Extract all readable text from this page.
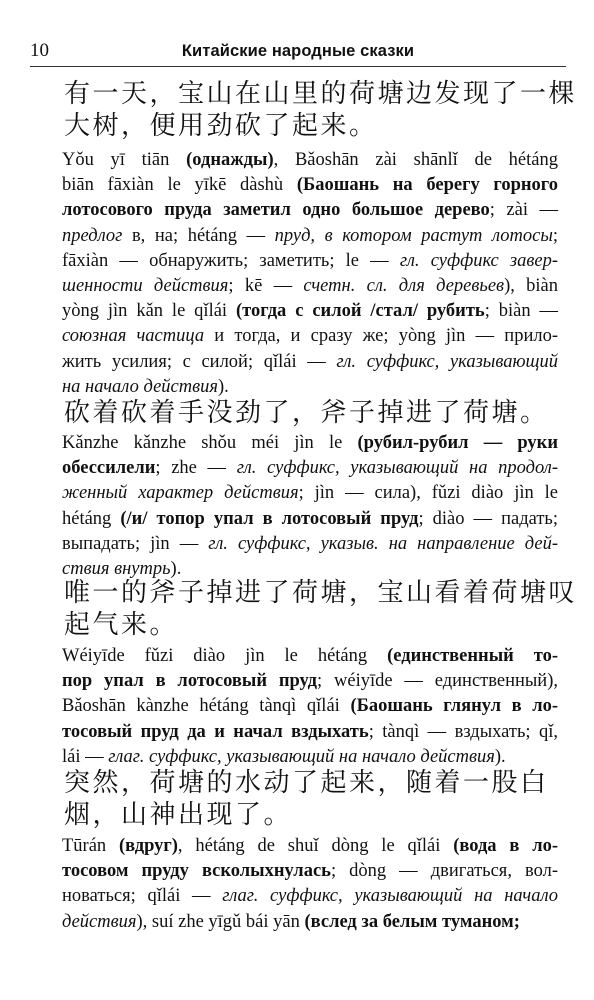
10	Китайские народные сказки
有一天，宝山在山里的荷塘边发现了一棵
大树，便用劲砍了起来。
Yǒu yī tiān (однажды), Bǎoshān zài shānlǐ de hétáng
biān fāxiàn le yīkē dàshù (Баошань на берегу горного
лотосового пруда заметил одно большое дерево; zài —
предлог в, на; hétáng — пруд, в котором растут лотосы;
fāxiàn — обнаружить; заметить; le — гл. суффикс завер-
шенности действия; kē — счетн. сл. для деревьев), biàn
yòng jìn kǎn le qǐlái (тогда с силой /стал/ рубить; biàn —
союзная частица и тогда, и сразу же; yòng jìn — прило-
жить усилия; с силой; qǐlái — гл. суффикс, указывающий
на начало действия).
砍着砍着手没劲了，斧子掉进了荷塘。
Kǎnzhe kǎnzhe shǒu méi jìn le (рубил-рубил — руки
обессилели; zhe — гл. суффикс, указывающий на продол-
женный характер действия; jìn — сила), fǔzi diào jìn le
hétáng (/и/ топор упал в лотосовый пруд; diào — падать;
выпадать; jìn — гл. суффикс, указыв. на направление дей-
ствия внутрь).
唯一的斧子掉进了荷塘，宝山看着荷塘叹
起气来。
Wéiyīde fǔzi diào jìn le hétáng (единственный то-
пор упал в лотосовый пруд; wéiyīde — единственный),
Bǎoshān kànzhe hétáng tànqì qǐlái (Баошань глянул в ло-
тосовый пруд да и начал вздыхать; tànqì — вздыхать; qǐ,
lái — глаг. суффикс, указывающий на начало действия).
突然，荷塘的水动了起来，随着一股白
烟，山神出现了。
Tūrán (вдруг), hétáng de shuǐ dòng le qǐlái (вода в ло-
тосовом пруду всколыхнулась; dòng — двигаться, вол-
новаться; qǐlái — глаг. суффикс, указывающий на начало
действия), suí zhe yīgǔ bái yān (вслед за белым туманом;
